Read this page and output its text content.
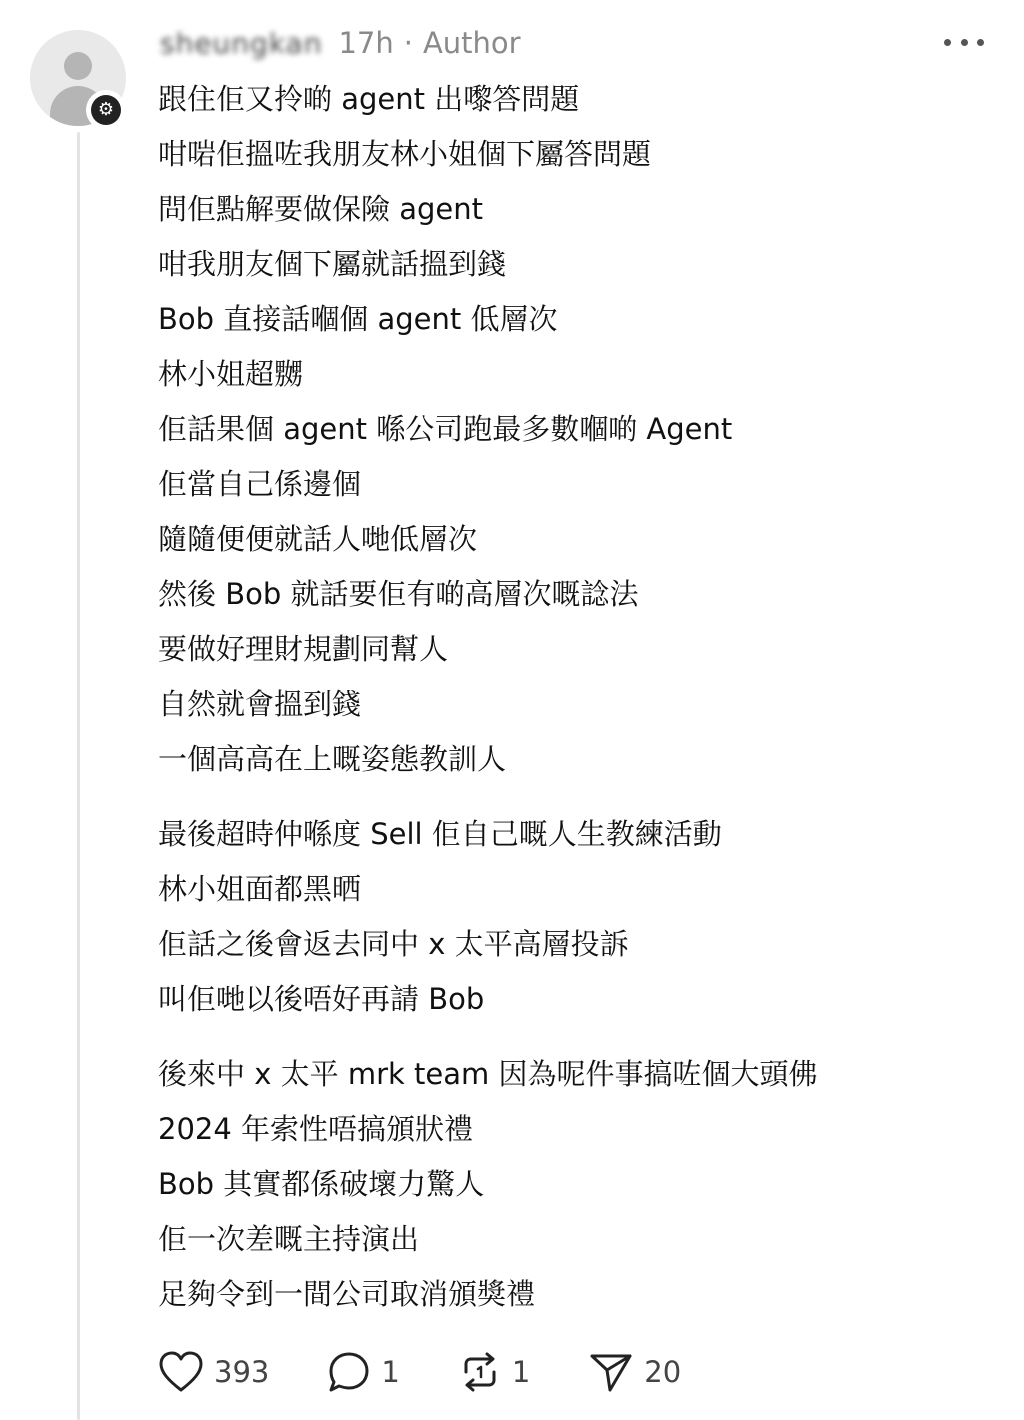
⚙
sheungkan 17h · Author
跟住佢又拎啲 agent 出嚟答問題
咁啱佢搵咗我朋友林小姐個下屬答問題
問佢點解要做保險 agent
咁我朋友個下屬就話搵到錢
Bob 直接話嗰個 agent 低層次
林小姐超嬲
佢話果個 agent 喺公司跑最多數嗰啲 Agent
佢當自己係邊個
隨隨便便就話人哋低層次
然後 Bob 就話要佢有啲高層次嘅諗法
要做好理財規劃同幫人
自然就會搵到錢
一個高高在上嘅姿態教訓人
最後超時仲喺度 Sell 佢自己嘅人生教練活動
林小姐面都黑晒
佢話之後會返去同中 x 太平高層投訴
叫佢哋以後唔好再請 Bob
後來中 x 太平 mrk team 因為呢件事搞咗個大頭佛
2024 年索性唔搞頒狀禮
Bob 其實都係破壞力驚人
佢一次差嘅主持演出
足夠令到一間公司取消頒獎禮
393	1	1	20
